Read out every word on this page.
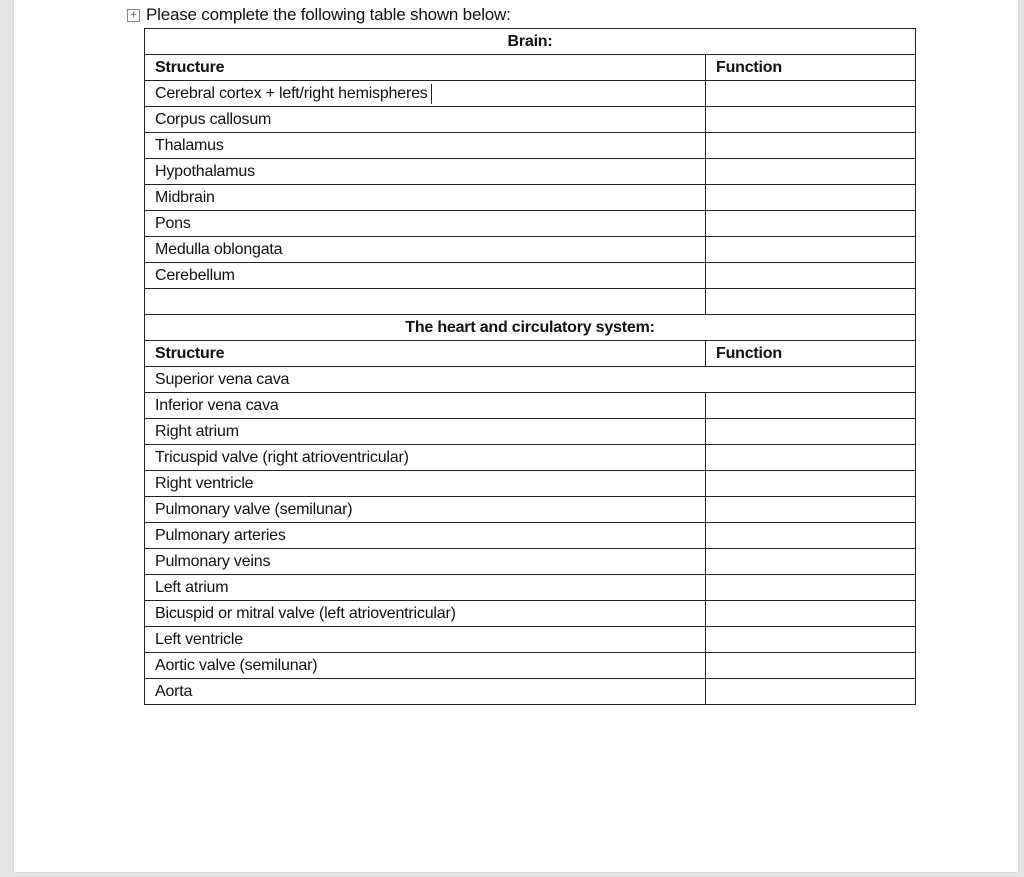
+ Please complete the following table shown below:
Brain:	
Structure	Function
Cerebral cortex + left/right hemispheres	
Corpus callosum	
Thalamus	
Hypothalamus	
Midbrain	
Pons	
Medulla oblongata	
Cerebellum	

The heart and circulatory system:	
Structure	Function
Superior vena cava	
Inferior vena cava	
Right atrium	
Tricuspid valve (right atrioventricular)	
Right ventricle	
Pulmonary valve (semilunar)	
Pulmonary arteries	
Pulmonary veins	
Left atrium	
Bicuspid or mitral valve (left atrioventricular)	
Left ventricle	
Aortic valve (semilunar)	
Aorta	
